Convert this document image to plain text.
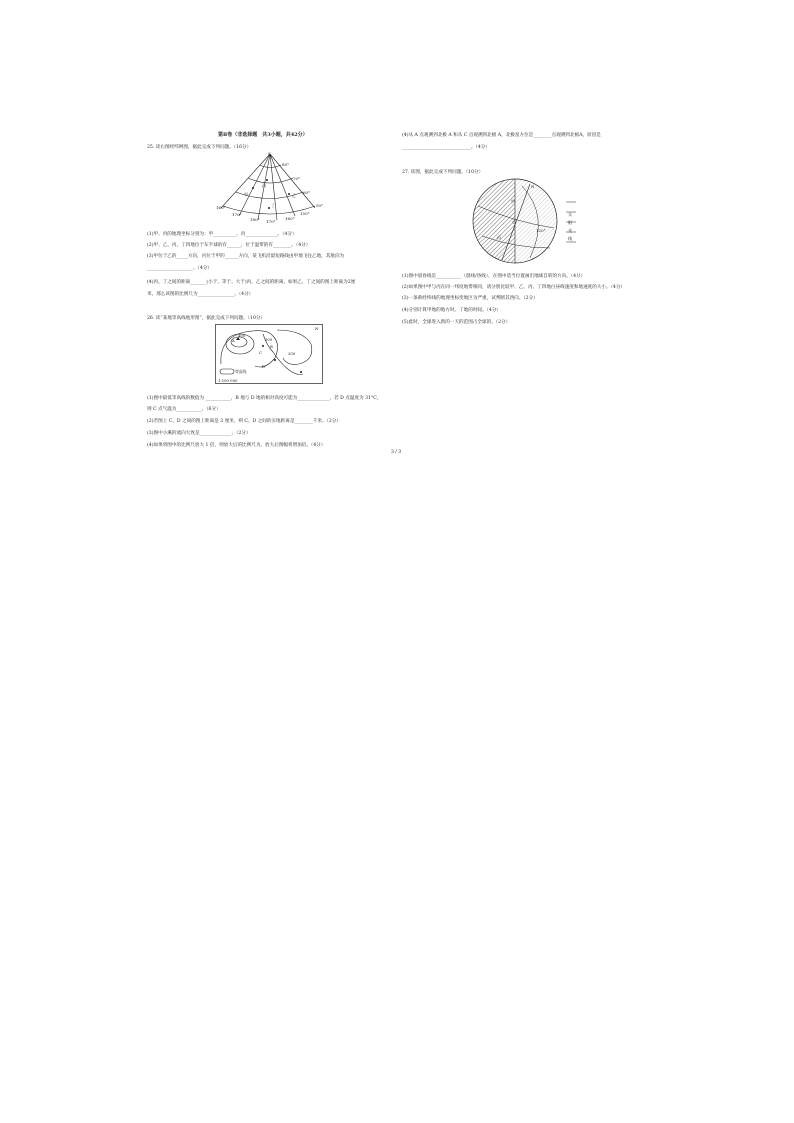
第Ⅱ卷（非选择题　共3小题，共42分）
25. 读右图经纬网图，据此完成下列问题。（16分）
S
80°
70°
60°
50°
160°
170°
180° 170°
160°
150°
甲	乙
丙
丁
(1)甲、丙的地理坐标分别为：甲__________，丙______________。（4分）
(2)甲、乙、丙、丁四地位于东半球的有______，位于温带的有________。（4分）
(3)甲位于乙的_____方向，丙位于甲的______方向，某飞机沿最短路线由甲地飞往乙地，其航向为
____________________。（4分）
(4)丙、丁之间的距离_______(小于、等于、大于)丙、乙之间的距离，如果乙、丁之间的图上距离为2厘
米，那么该图的比例尺为________________。（4分）
26. 读“某地等高线地形图”，据此完成下列问题。（10分）
N
400
300
200
A
B
C
D
等高线
1:100 000
(1)图中最低等高线的数值为 ___________，B 地与 D 地的相对高度可能为______________，若 D 点温度为 31°C，
则 C 点气温为___________。（6分）
(2)若图上 C、D 之间的图上距离是 3 厘米，则 C、D 之间的实地距离是________千米。（2分）
(3)图中小溪的流向大致是______________。（2分）
(4)如果将图中的比例尺放大 1 倍，则放大后的比例尺为，放大后图幅将增加倍。（4分）
(4)从 A 点观测到北极 A 和从 C 点观测到北极 A，北极星方位是________点观测到北极A，原因是
______________________________。（4分）
27. 读图，据此完成下列问题。（10分）
N
甲
乙
丙
120°
太
阳
光
线
(1)图中晨昏线是___________（晨线/昏线），在图中适当位置画出地球自转的方向。（4分）
(2)如果图中甲与丙在同一纬度地带相同，请分别比较甲、乙、丙、丁四地白昼线速度和地速度的大小。（4分）
(3)一条新经纬线的地理坐标变地区为严重，试判断其西向。（2分）
(4)分别计算甲地的地方时。丁地的时间。（4分）
(5)此时，全球进入新的一天的范围占全球的。（2分）
3 / 3
